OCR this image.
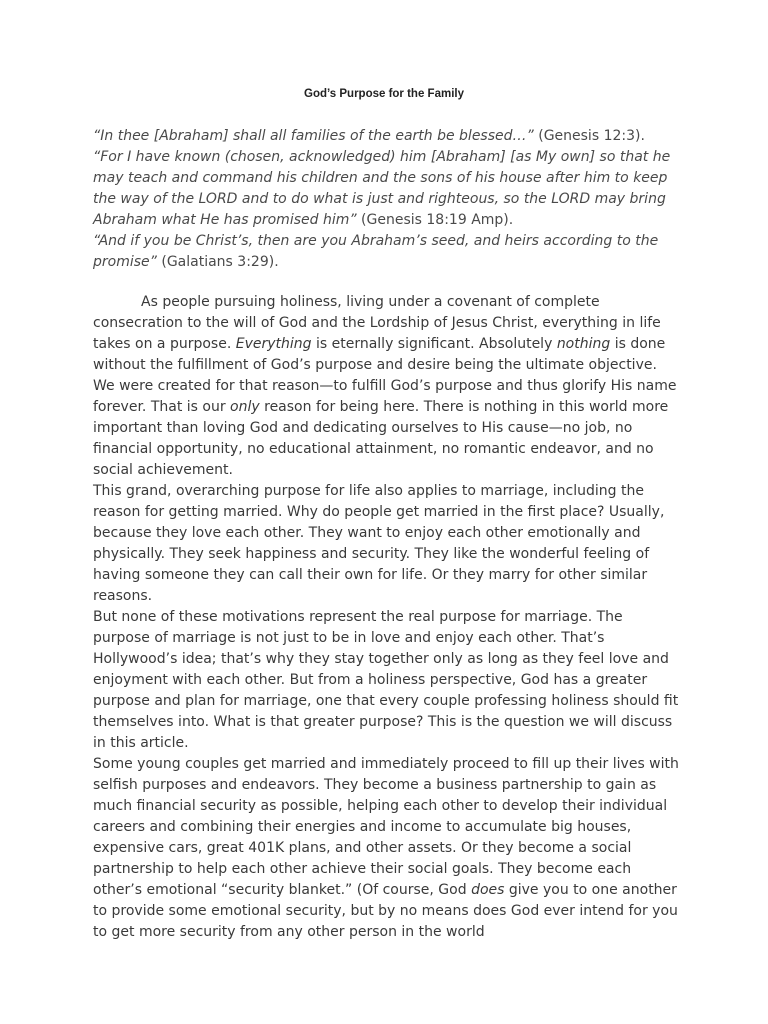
God’s Purpose for the Family

“In thee [Abraham] shall all families of the earth be blessed…” (Genesis 12:3).

“For I have known (chosen, acknowledged) him [Abraham] [as My own] so that he may teach and command his children and the sons of his house after him to keep the way of the LORD and to do what is just and righteous, so the LORD may bring Abraham what He has promised him” (Genesis 18:19 Amp).

“And if you be Christ’s, then are you Abraham’s seed, and heirs according to the promise” (Galatians 3:29).

As people pursuing holiness, living under a covenant of complete consecration to the will of God and the Lordship of Jesus Christ, everything in life takes on a purpose. Everything is eternally significant. Absolutely nothing is done without the fulfillment of God’s purpose and desire being the ultimate objective. We were created for that reason—to fulfill God’s purpose and thus glorify His name forever. That is our only reason for being here. There is nothing in this world more important than loving God and dedicating ourselves to His cause—no job, no financial opportunity, no educational attainment, no romantic endeavor, and no social achievement.

This grand, overarching purpose for life also applies to marriage, including the reason for getting married. Why do people get married in the first place? Usually, because they love each other. They want to enjoy each other emotionally and physically. They seek happiness and security. They like the wonderful feeling of having someone they can call their own for life. Or they marry for other similar reasons.

But none of these motivations represent the real purpose for marriage. The purpose of marriage is not just to be in love and enjoy each other. That’s Hollywood’s idea; that’s why they stay together only as long as they feel love and enjoyment with each other. But from a holiness perspective, God has a greater purpose and plan for marriage, one that every couple professing holiness should fit themselves into. What is that greater purpose? This is the question we will discuss in this article.

Some young couples get married and immediately proceed to fill up their lives with selfish purposes and endeavors. They become a business partnership to gain as much financial security as possible, helping each other to develop their individual careers and combining their energies and income to accumulate big houses, expensive cars, great 401K plans, and other assets. Or they become a social partnership to help each other achieve their social goals. They become each other’s emotional “security blanket.” (Of course, God does give you to one another to provide some emotional security, but by no means does God ever intend for you to get more security from any other person in the world
